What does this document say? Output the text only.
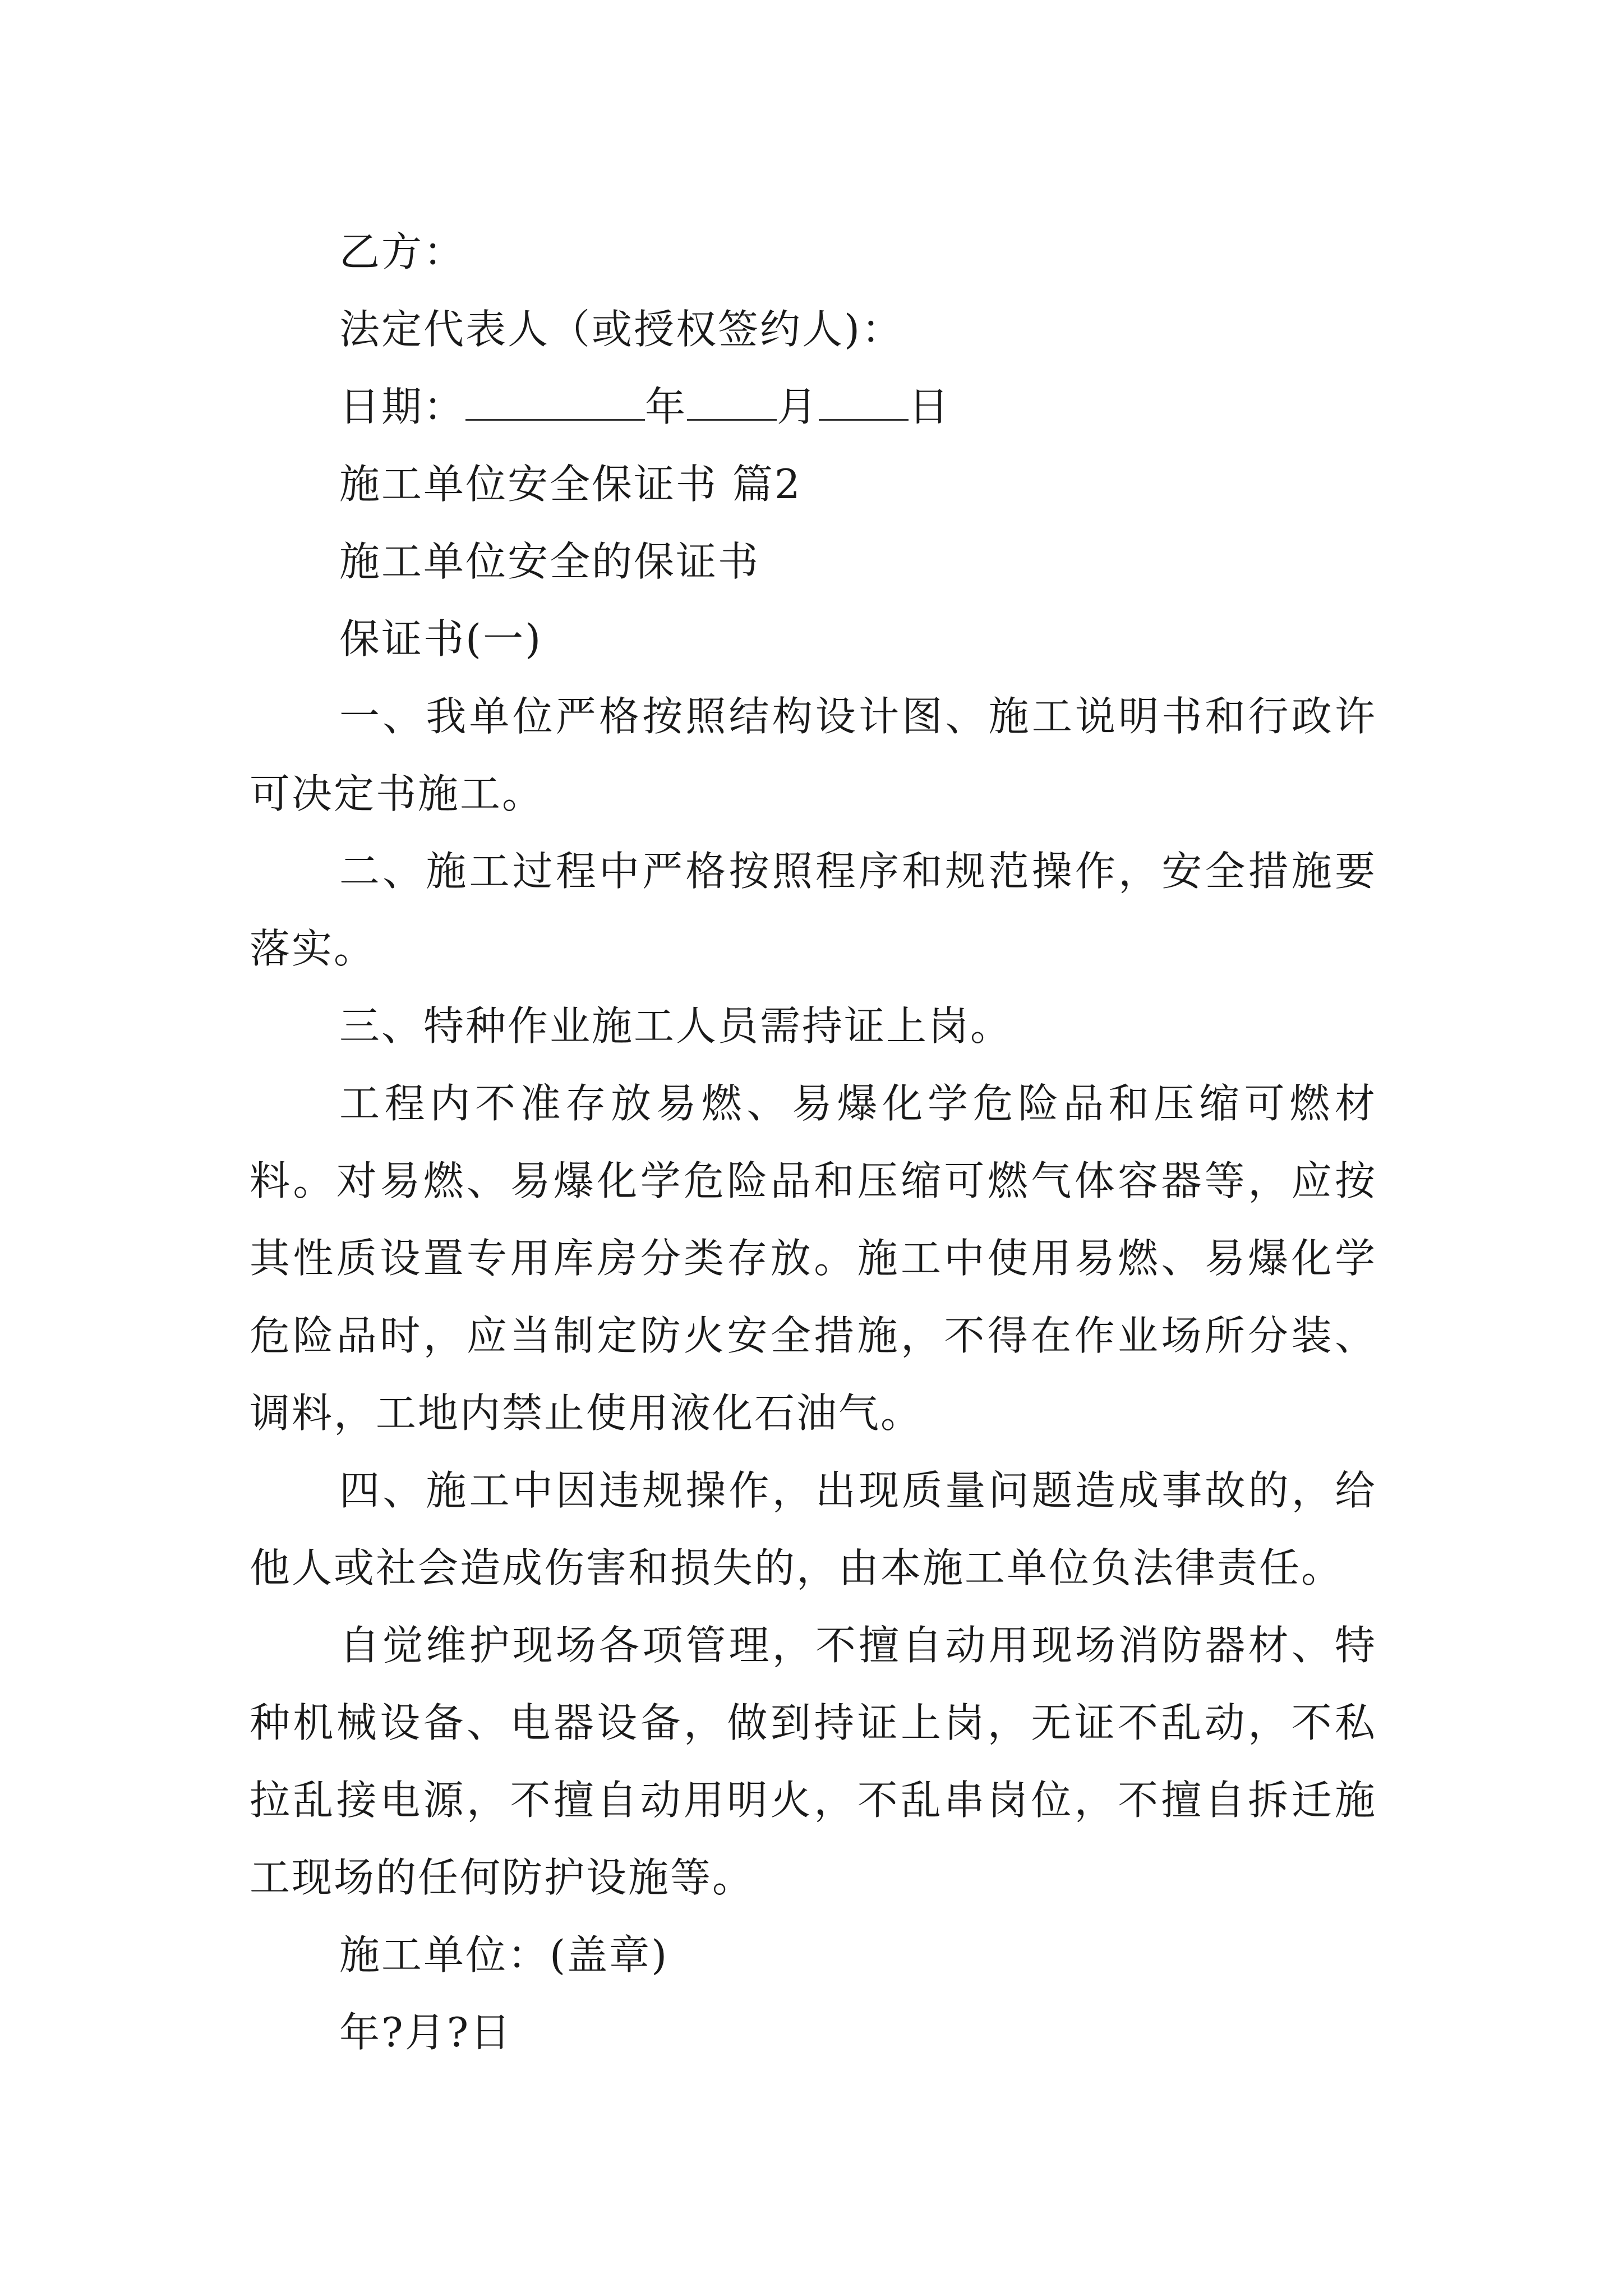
乙方：
法定代表人（或授权签约人)：
日期：	年 月 日
施工单位安全保证书 篇2
施工单位安全的保证书
保证书(一)

一、我单位严格按照结构设计图、施工说明书和行政许可决定书施工。

二、施工过程中严格按照程序和规范操作，安全措施要落实。

三、特种作业施工人员需持证上岗。

工程内不准存放易燃、易爆化学危险品和压缩可燃材料。对易燃、易爆化学危险品和压缩可燃气体容器等，应按其性质设置专用库房分类存放。施工中使用易燃、易爆化学危险品时，应当制定防火安全措施，不得在作业场所分装、调料，工地内禁止使用液化石油气。

四、施工中因违规操作，出现质量问题造成事故的，给他人或社会造成伤害和损失的，由本施工单位负法律责任。

自觉维护现场各项管理，不擅自动用现场消防器材、特种机械设备、电器设备，做到持证上岗，无证不乱动，不私拉乱接电源，不擅自动用明火，不乱串岗位，不擅自拆迁施工现场的任何防护设施等。

施工单位：(盖章)
年?月?日
